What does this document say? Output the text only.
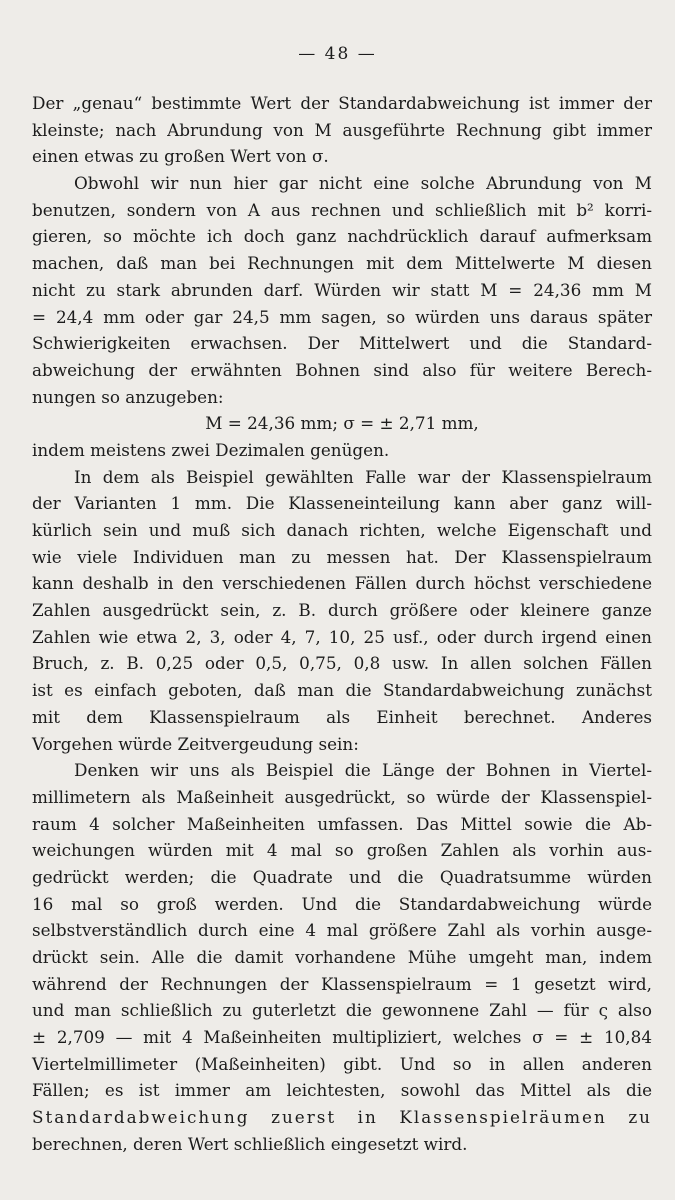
— 48 —
Der „genau“ bestimmte Wert der Standardabweichung ist immer der
kleinste; nach Abrundung von M ausgeführte Rechnung gibt immer
einen etwas zu großen Wert von σ.
Obwohl wir nun hier gar nicht eine solche Abrundung von M
benutzen, sondern von A aus rechnen und schließlich mit b² korri-
gieren, so möchte ich doch ganz nachdrücklich darauf aufmerksam
machen, daß man bei Rechnungen mit dem Mittelwerte M diesen
nicht zu stark abrunden darf. Würden wir statt M = 24,36 mm M
= 24,4 mm oder gar 24,5 mm sagen, so würden uns daraus später
Schwierigkeiten erwachsen. Der Mittelwert und die Standard-
abweichung der erwähnten Bohnen sind also für weitere Berech-
nungen so anzugeben:
M = 24,36 mm; σ = ± 2,71 mm,
indem meistens zwei Dezimalen genügen.
In dem als Beispiel gewählten Falle war der Klassenspielraum
der Varianten 1 mm. Die Klasseneinteilung kann aber ganz will-
kürlich sein und muß sich danach richten, welche Eigenschaft und
wie viele Individuen man zu messen hat. Der Klassenspielraum
kann deshalb in den verschiedenen Fällen durch höchst verschiedene
Zahlen ausgedrückt sein, z. B. durch größere oder kleinere ganze
Zahlen wie etwa 2, 3, oder 4, 7, 10, 25 usf., oder durch irgend einen
Bruch, z. B. 0,25 oder 0,5, 0,75, 0,8 usw. In allen solchen Fällen
ist es einfach geboten, daß man die Standardabweichung zunächst
mit dem Klassenspielraum als Einheit berechnet. Anderes
Vorgehen würde Zeitvergeudung sein:
Denken wir uns als Beispiel die Länge der Bohnen in Viertel-
millimetern als Maßeinheit ausgedrückt, so würde der Klassenspiel-
raum 4 solcher Maßeinheiten umfassen. Das Mittel sowie die Ab-
weichungen würden mit 4 mal so großen Zahlen als vorhin aus-
gedrückt werden; die Quadrate und die Quadratsumme würden
16 mal so groß werden. Und die Standardabweichung würde
selbstverständlich durch eine 4 mal größere Zahl als vorhin ausge-
drückt sein. Alle die damit vorhandene Mühe umgeht man, indem
während der Rechnungen der Klassenspielraum = 1 gesetzt wird,
und man schließlich zu guterletzt die gewonnene Zahl — für ς also
± 2,709 — mit 4 Maßeinheiten multipliziert, welches σ = ± 10,84
Viertelmillimeter (Maßeinheiten) gibt. Und so in allen anderen
Fällen; es ist immer am leichtesten, sowohl das Mittel als die
Standardabweichung zuerst in Klassenspielräumen zu
berechnen, deren Wert schließlich eingesetzt wird.
